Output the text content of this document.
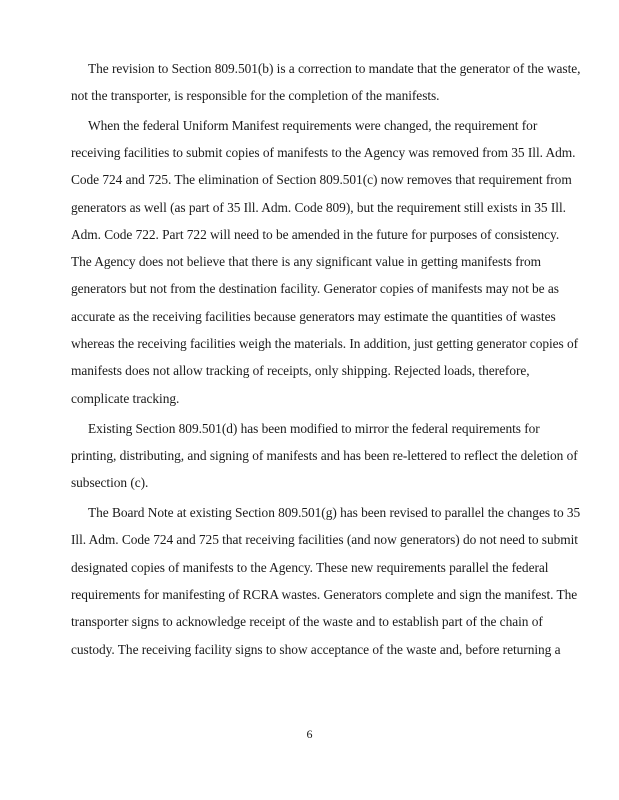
The revision to Section 809.501(b) is a correction to mandate that the generator of the waste,
not the transporter, is responsible for the completion of the manifests.
When the federal Uniform Manifest requirements were changed, the requirement for
receiving facilities to submit copies of manifests to the Agency was removed from 35 Ill. Adm.
Code 724 and 725. The elimination of Section 809.501(c) now removes that requirement from
generators as well (as part of 35 Ill. Adm. Code 809), but the requirement still exists in 35 Ill.
Adm. Code 722. Part 722 will need to be amended in the future for purposes of consistency.
The Agency does not believe that there is any significant value in getting manifests from
generators but not from the destination facility. Generator copies of manifests may not be as
accurate as the receiving facilities because generators may estimate the quantities of wastes
whereas the receiving facilities weigh the materials. In addition, just getting generator copies of
manifests does not allow tracking of receipts, only shipping. Rejected loads, therefore,
complicate tracking.
Existing Section 809.501(d) has been modified to mirror the federal requirements for
printing, distributing, and signing of manifests and has been re-lettered to reflect the deletion of
subsection (c).
The Board Note at existing Section 809.501(g) has been revised to parallel the changes to 35
Ill. Adm. Code 724 and 725 that receiving facilities (and now generators) do not need to submit
designated copies of manifests to the Agency. These new requirements parallel the federal
requirements for manifesting of RCRA wastes. Generators complete and sign the manifest. The
transporter signs to acknowledge receipt of the waste and to establish part of the chain of
custody. The receiving facility signs to show acceptance of the waste and, before returning a
6
